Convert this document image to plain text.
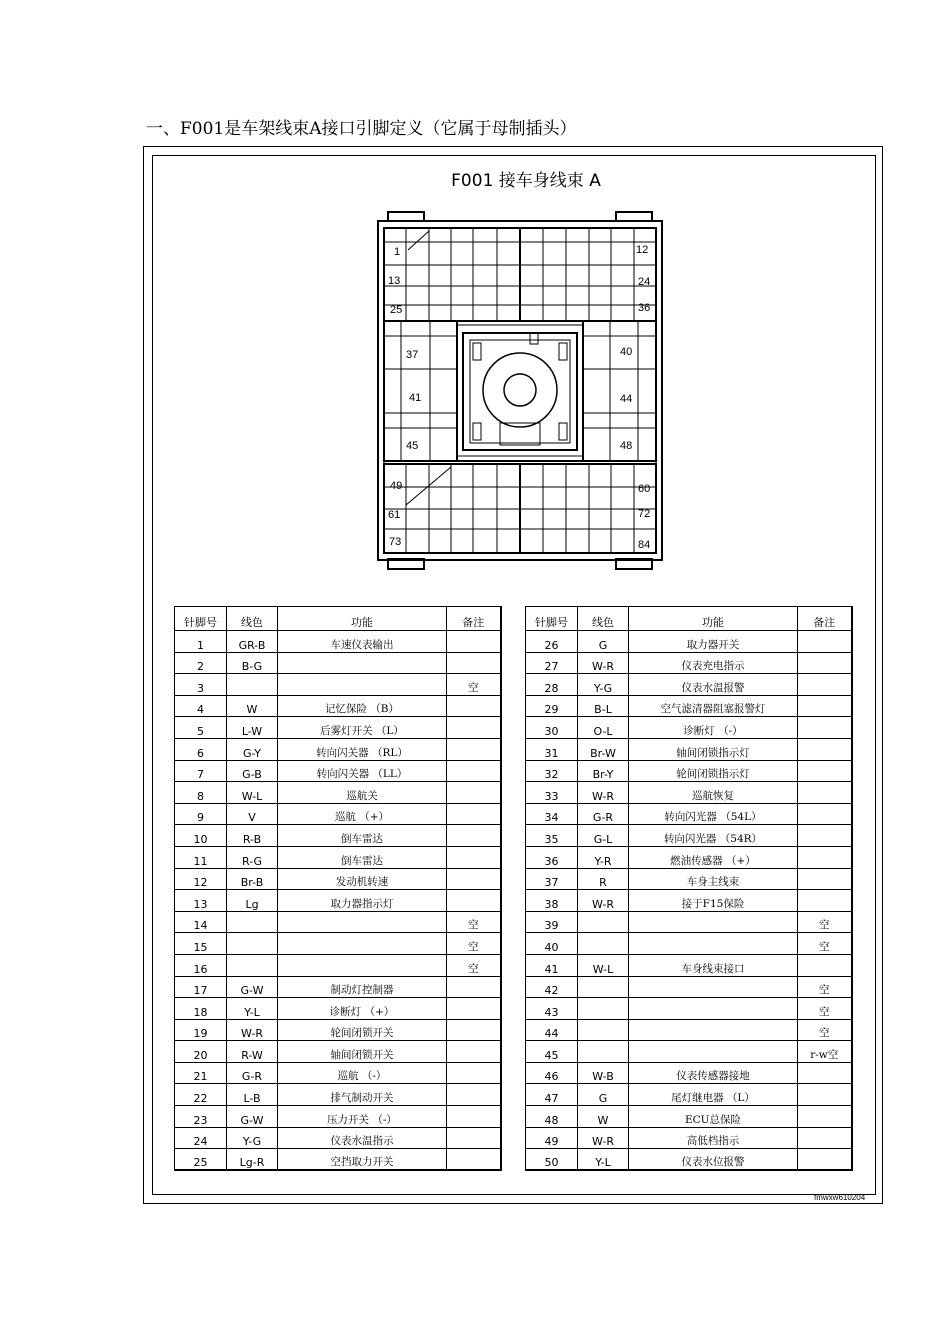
一、F001是车架线束A接口引脚定义（它属于母制插头）
F001 接车身线束 A
1	12
13	24
25	36
37	40
41	44
45	48
49	60
61	72
73	84
针脚号	线色	功能	备注
1	GR-B	车速仪表输出	
2	B-G		
3			空
4	W	记忆保险 （B）	
5	L-W	后雾灯开关 （L）	
6	G-Y	转向闪关器 （RL）	
7	G-B	转向闪关器 （LL）	
8	W-L	巡航关	
9	V	巡航 （+）	
10	R-B	倒车雷达	
11	R-G	倒车雷达	
12	Br-B	发动机转速	
13	Lg	取力器指示灯	
14			空
15			空
16			空
17	G-W	制动灯控制器	
18	Y-L	诊断灯 （+）	
19	W-R	轮间闭锁开关	
20	R-W	轴间闭锁开关	
21	G-R	巡航 （-）	
22	L-B	排气制动开关	
23	G-W	压力开关 （-）	
24	Y-G	仪表水温指示	
25	Lg-R	空挡取力开关	
针脚号	线色	功能	备注
26	G	取力器开关	
27	W-R	仪表充电指示	
28	Y-G	仪表水温报警	
29	B-L	空气滤清器阻塞报警灯	
30	O-L	诊断灯 （-）	
31	Br-W	轴间闭锁指示灯	
32	Br-Y	轮间闭锁指示灯	
33	W-R	巡航恢复	
34	G-R	转向闪光器 （54L）	
35	G-L	转向闪光器 （54R）	
36	Y-R	燃油传感器 （+）	
37	R	车身主线束	
38	W-R	接于F15保险	
39			空
40			空
41	W-L	车身线束接口	
42			空
43			空
44			空
45			r-w空
46	W-B	仪表传感器接地	
47	G	尾灯继电器 （L）	
48	W	ECU总保险	
49	W-R	高低档指示	
50	Y-L	仪表水位报警	
fmwxw610204
